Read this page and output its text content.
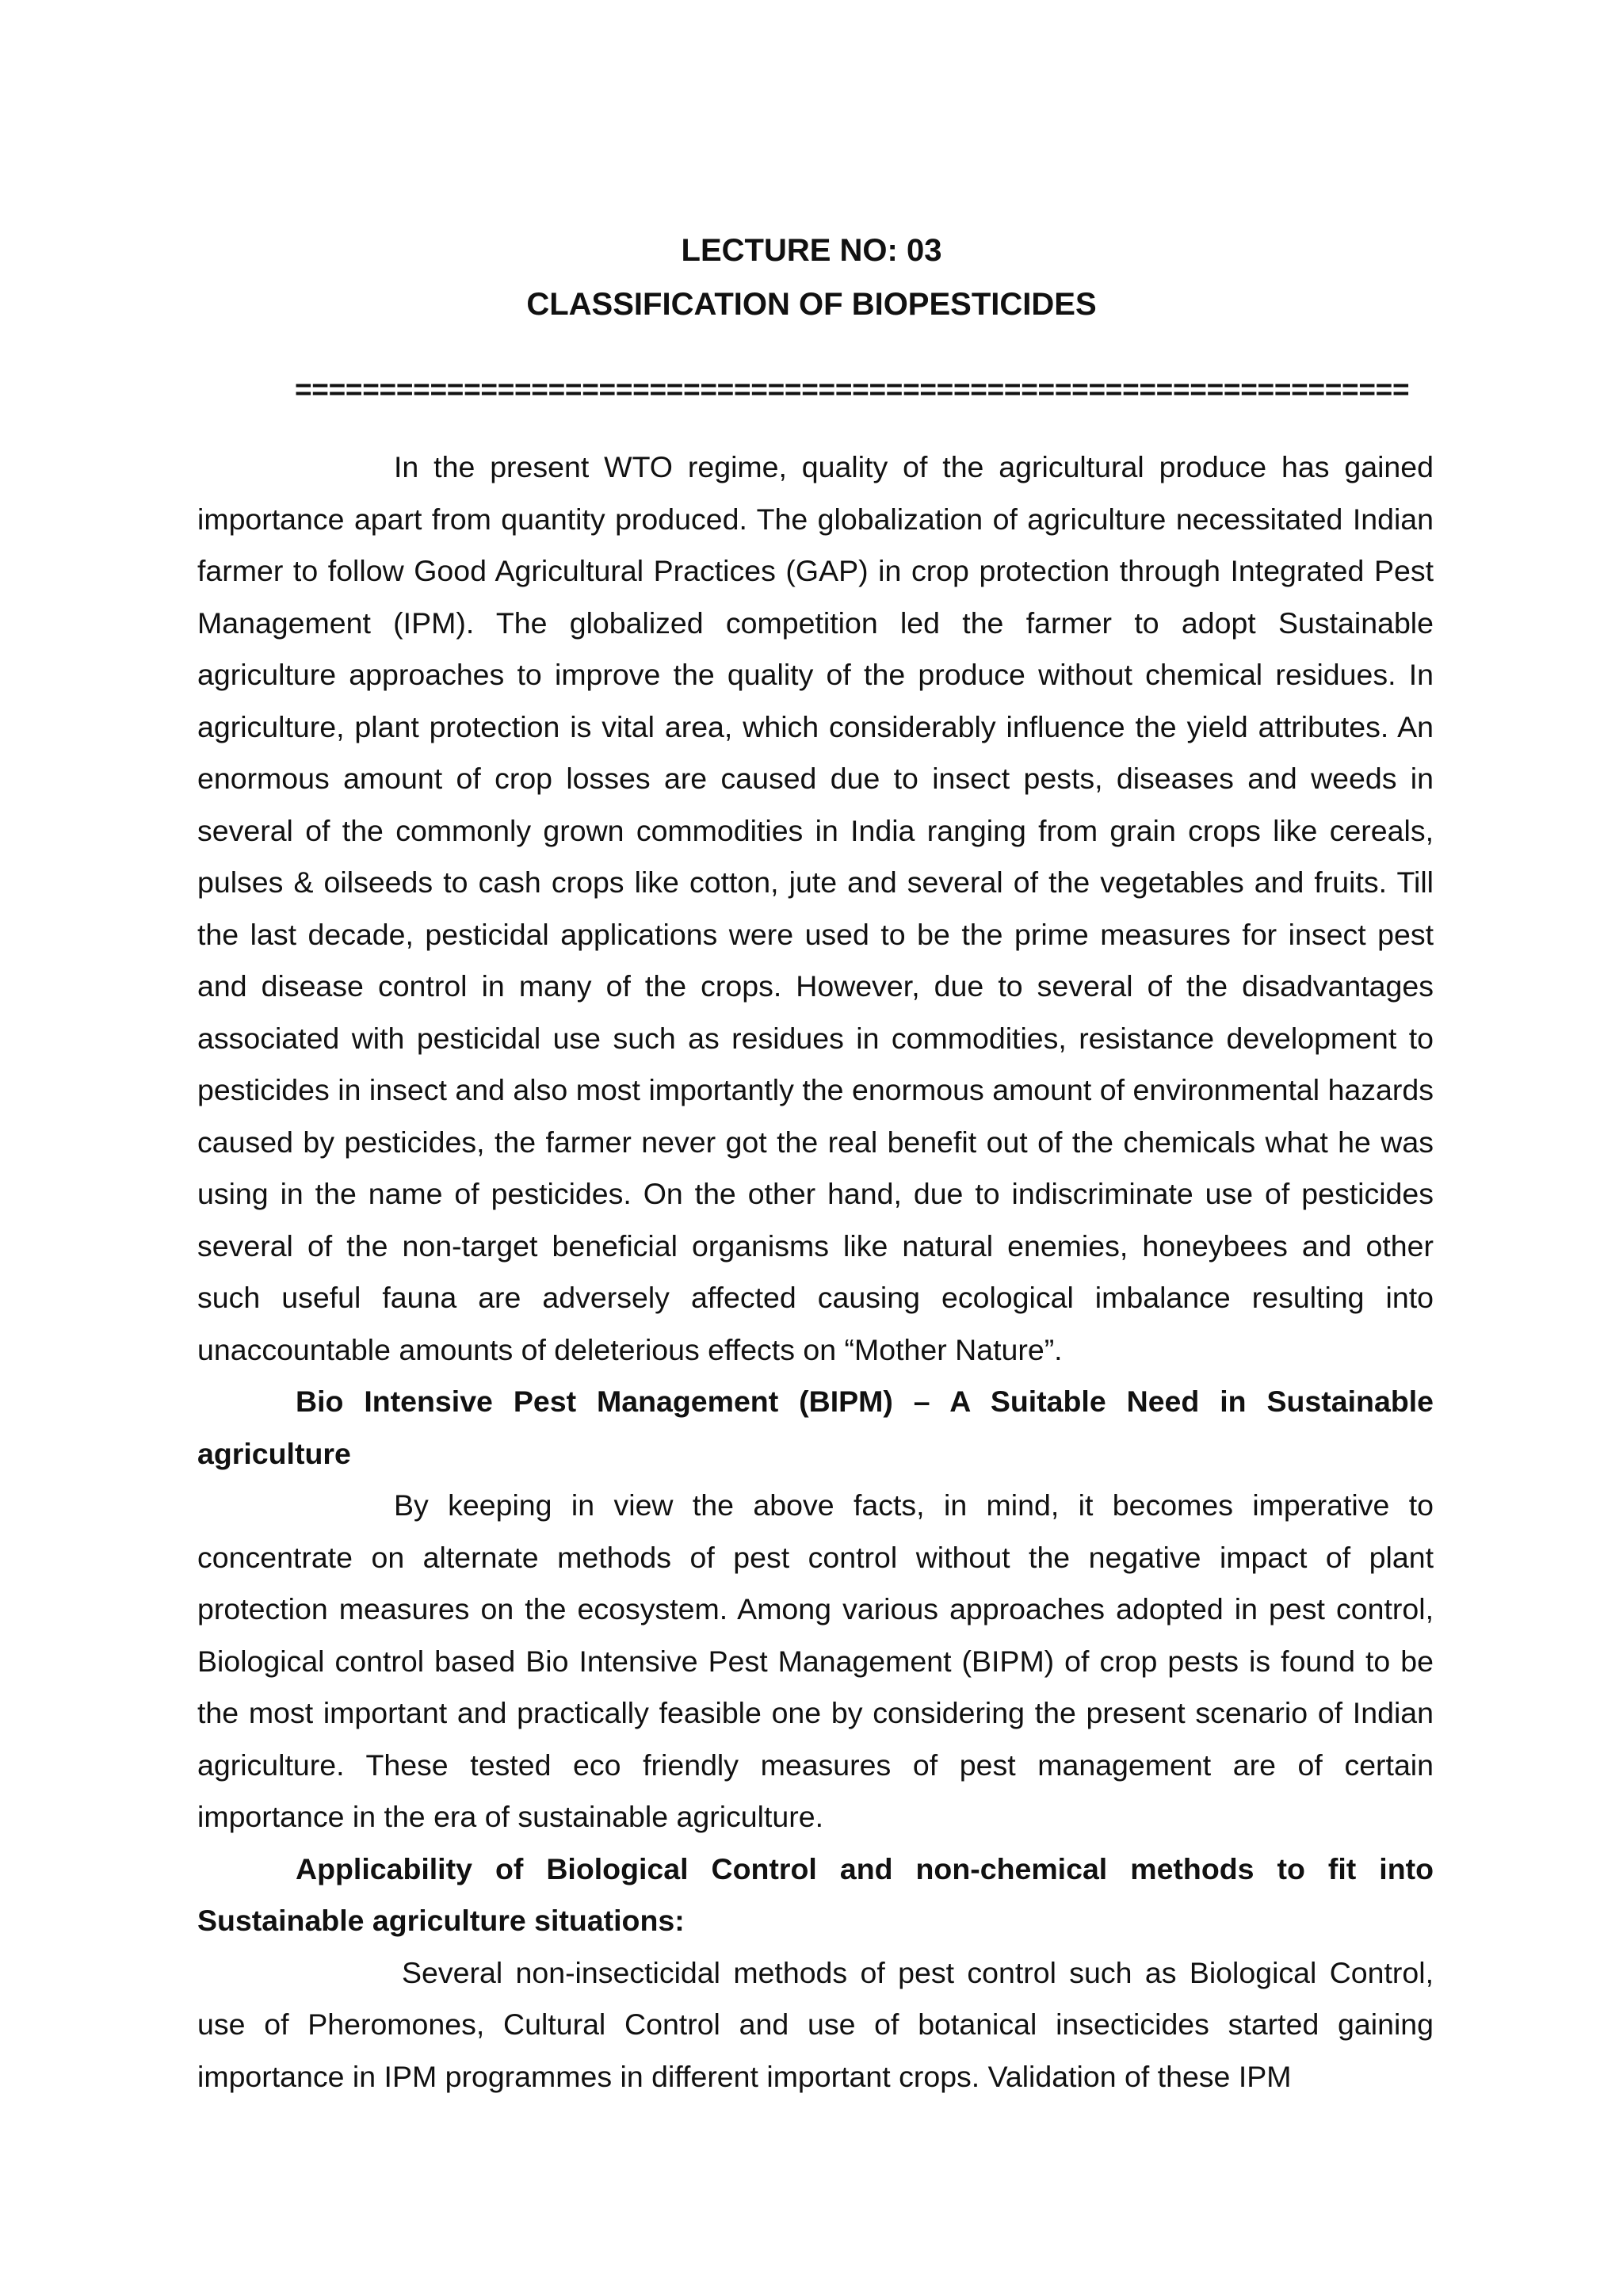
LECTURE NO: 03
CLASSIFICATION OF BIOPESTICIDES
==================================================================

In the present WTO regime, quality of the agricultural produce has gained importance apart from quantity produced. The globalization of agriculture necessitated Indian farmer to follow Good Agricultural Practices (GAP) in crop protection through Integrated Pest Management (IPM). The globalized competition led the farmer to adopt Sustainable agriculture approaches to improve the quality of the produce without chemical residues. In agriculture, plant protection is vital area, which considerably influence the yield attributes. An enormous amount of crop losses are caused due to insect pests, diseases and weeds in several of the commonly grown commodities in India ranging from grain crops like cereals, pulses & oilseeds to cash crops like cotton, jute and several of the vegetables and fruits. Till the last decade, pesticidal applications were used to be the prime measures for insect pest and disease control in many of the crops. However, due to several of the disadvantages associated with pesticidal use such as residues in commodities, resistance development to pesticides in insect and also most importantly the enormous amount of environmental hazards caused by pesticides, the farmer never got the real benefit out of the chemicals what he was using in the name of pesticides. On the other hand, due to indiscriminate use of pesticides several of the non-target beneficial organisms like natural enemies, honeybees and other such useful fauna are adversely affected causing ecological imbalance resulting into unaccountable amounts of deleterious effects on “Mother Nature”.

Bio Intensive Pest Management (BIPM) – A Suitable Need in Sustainable agriculture

By keeping in view the above facts, in mind, it becomes imperative to concentrate on alternate methods of pest control without the negative impact of plant protection measures on the ecosystem. Among various approaches adopted in pest control, Biological control based Bio Intensive Pest Management (BIPM) of crop pests is found to be the most important and practically feasible one by considering the present scenario of Indian agriculture. These tested eco friendly measures of pest management are of certain importance in the era of sustainable agriculture.

Applicability of Biological Control and non-chemical methods to fit into Sustainable agriculture situations:

Several non-insecticidal methods of pest control such as Biological Control, use of Pheromones, Cultural Control and use of botanical insecticides started gaining importance in IPM programmes in different important crops. Validation of these IPM
